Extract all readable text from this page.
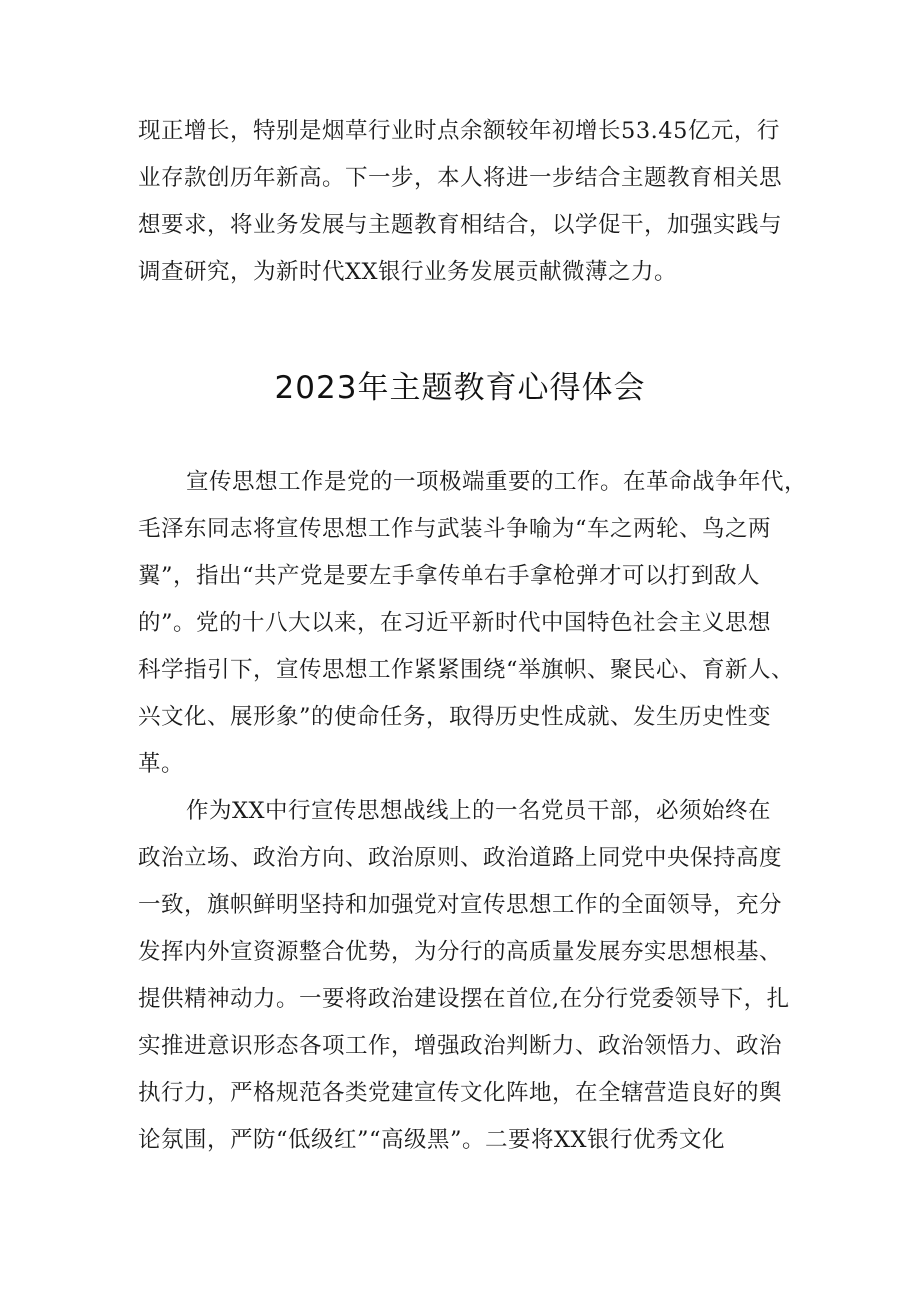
现正增长，特别是烟草行业时点余额较年初增长53.45亿元，行
业存款创历年新高。下一步，本人将进一步结合主题教育相关思
想要求，将业务发展与主题教育相结合，以学促干，加强实践与
调查研究，为新时代XX银行业务发展贡献微薄之力。
2023年主题教育心得体会
宣传思想工作是党的一项极端重要的工作。在革命战争年代，
毛泽东同志将宣传思想工作与武装斗争喻为“车之两轮、鸟之两
翼”，指出“共产党是要左手拿传单右手拿枪弹才可以打到敌人
的”。党的十八大以来，在习近平新时代中国特色社会主义思想
科学指引下，宣传思想工作紧紧围绕“举旗帜、聚民心、育新人、
兴文化、展形象”的使命任务，取得历史性成就、发生历史性变
革。
作为XX中行宣传思想战线上的一名党员干部，必须始终在
政治立场、政治方向、政治原则、政治道路上同党中央保持高度
一致，旗帜鲜明坚持和加强党对宣传思想工作的全面领导，充分
发挥内外宣资源整合优势，为分行的高质量发展夯实思想根基、
提供精神动力。一要将政治建设摆在首位,在分行党委领导下，扎
实推进意识形态各项工作，增强政治判断力、政治领悟力、政治
执行力，严格规范各类党建宣传文化阵地，在全辖营造良好的舆
论氛围，严防“低级红”“高级黑”。二要将XX银行优秀文化
